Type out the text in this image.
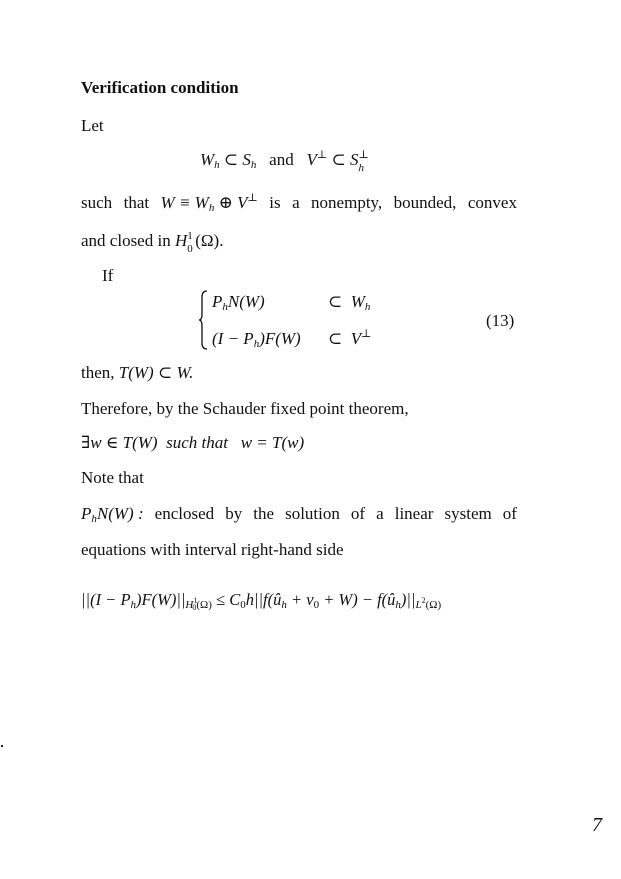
Verification condition
Let
$W_h$ ⊂ $S_h$ and V⊥ ⊂ S ⊥
h
such that $W \equiv W_h$ ⊕ V⊥ is a nonempty, bounded, convex
and closed in H 1
0 (Ω).
If
$P_hN(W)$	⊂ $W_h$
$(I - P_h)F(W)$ ⊂ V⊥
(13)
then, T(W) ⊂ W.
Therefore, by the Schauder fixed point theorem,
∃w ∈ T(W) such that w = T(w)
Note that
$P_hN(W)$ : enclosed by the solution of a linear system of
equations with interval right-hand side
$||(I - P_h)F(W)||_{H^10(\Omega)}$ ≤ $C_0h||f(û_h + v_0 + W)$ − $f(û_h)||_{L^2(\Omega)}$
7
